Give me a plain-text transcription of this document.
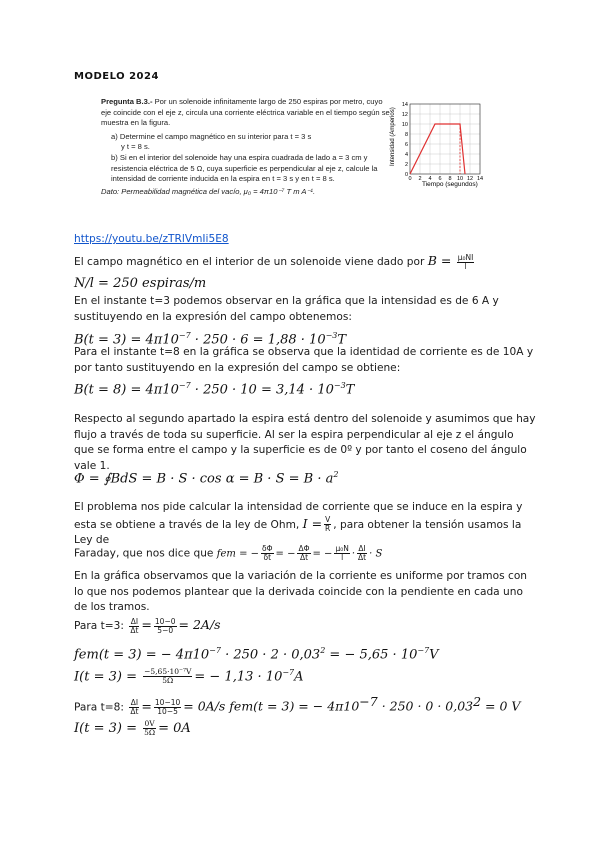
MODELO 2024

Pregunta B.3.- Por un solenoide infinitamente largo de 250 espiras por metro, cuyo eje coincide con el eje z, circula una corriente eléctrica variable en el tiempo según se muestra en la figura.

a) Determine el campo magnético en su interior para t = 3 s

y t = 8 s.

b) Si en el interior del solenoide hay una espira cuadrada de lado a = 3 cm y resistencia eléctrica de 5 Ω, cuya superficie es perpendicular al eje z, calcule la intensidad de corriente inducida en la espira en t = 3 s y en t = 8 s.

Dato: Permeabilidad magnética del vacío, μ₀ = 4π10⁻⁷ T m A⁻¹.

0
2
4
6
8
10
12
14
0 2 4 6 8 10 12 14
Intensidad (Amperios)
Tiempo (segundos)
https://youtu.be/zTRlVmIi5E8
El campo magnético en el interior de un solenoide viene dado por $B = \frac{\text{μ₀NI}}{l}$
N/l = 250 espiras/m
En el instante t=3 podemos observar en la gráfica que la intensidad es de 6 A y sustituyendo en la expresión del campo obtenemos:
$B(t = 3) = 4\pi 10^{-7} \cdot 250 \cdot 6 = 1,88 \cdot 10^{-3}T$
Para el instante t=8 en la gráfica se observa que la identidad de corriente es de 10A y por tanto sustituyendo en la expresión del campo se obtiene:
$B(t = 8) = 4\pi 10^{-7} \cdot 250 \cdot 10 = 3,14 \cdot 10^{-3}T$
Respecto al segundo apartado la espira está dentro del solenoide y asumimos que hay flujo a través de toda su superficie. Al ser la espira perpendicular al eje z el ángulo que se forma entre el campo y la superficie es de 0º y por tanto el coseno del ángulo vale 1.
Φ = ∮BdS = $B \cdot S \cdot \cos \alpha = B \cdot S = B \cdot a^2$
El problema nos pide calcular la intensidad de corriente que se induce en la espira y esta se obtiene a través de la ley de Ohm, $I = \frac{V}{R}$ , para obtener la tensión usamos la Ley de
Faraday, que nos dice que fem = − $\frac{\delta\Phi}{\delta t}$ = − $\frac{\Delta\Phi}{\Delta t}$ = − $\frac{\text{μ₀N}}{l} \cdot \frac{\Delta I}{\Delta t} \cdot S$
En la gráfica observamos que la variación de la corriente es uniforme por tramos con lo que nos podemos plantear que la derivada coincide con la pendiente en cada uno de los tramos.
Para t=3: $\frac{\Delta I}{\Delta t} = \frac{10-0}{5-0} = 2A/s$
fem(t = 3) = − $4\pi 10^{-7} \cdot 250 \cdot 2 \cdot 0,03^2$ = − $5,65 \cdot 10^{-7}V$
$I(t = 3) = \frac{\text{−5,65·10⁻⁷V}}{5\Omega}$ = − $1,13 \cdot 10^{-7}A$
Para t=8: $\frac{\Delta I}{\Delta t} = \frac{10-10}{10-5} = 0A/s$ fem(t = 3) = − $4\pi 10^{-7} \cdot 250 \cdot 0 \cdot 0,03^2 = 0$ V
$I(t = 3) = \frac{0V}{5\Omega} = 0A$
